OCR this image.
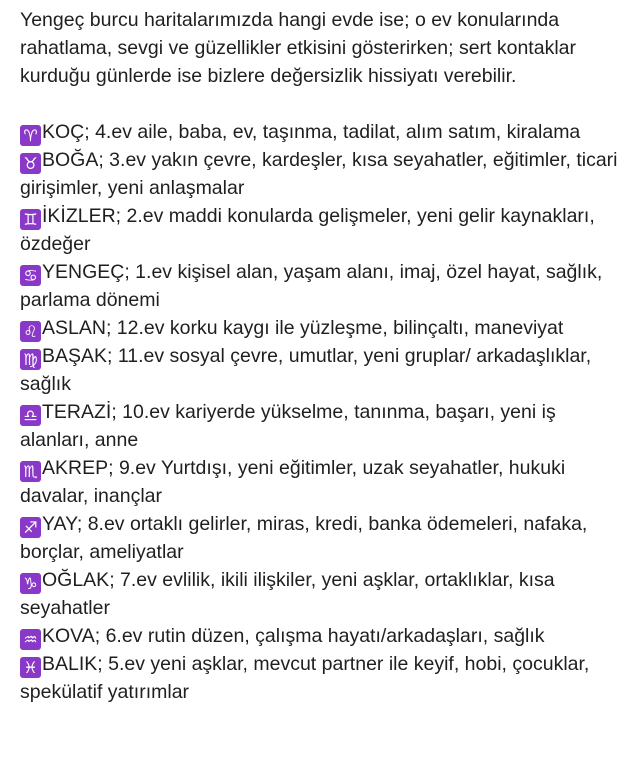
Yengeç burcu haritalarımızda hangi evde ise; o ev konularında rahatlama, sevgi ve güzellikler etkisini gösterirken; sert kontaklar kurduğu günlerde ise bizlere değersizlik hissiyatı verebilir.

♈ KOÇ; 4.ev aile, baba, ev, taşınma, tadilat, alım satım, kiralama

♉ BOĞA; 3.ev yakın çevre, kardeşler, kısa seyahatler, eğitimler, ticari girişimler, yeni anlaşmalar

♊ İKİZLER; 2.ev maddi konularda gelişmeler, yeni gelir kaynakları, özdeğer

♋ YENGEÇ; 1.ev kişisel alan, yaşam alanı, imaj, özel hayat, sağlık, parlama dönemi

♌ ASLAN; 12.ev korku kaygı ile yüzleşme, bilinçaltı, maneviyat

♍ BAŞAK; 11.ev sosyal çevre, umutlar, yeni gruplar/ arkadaşlıklar, sağlık

♎ TERAZİ; 10.ev kariyerde yükselme, tanınma, başarı, yeni iş alanları, anne

♏ AKREP; 9.ev Yurtdışı, yeni eğitimler, uzak seyahatler, hukuki davalar, inançlar

♐ YAY; 8.ev ortaklı gelirler, miras, kredi, banka ödemeleri, nafaka, borçlar, ameliyatlar

♑ OĞLAK; 7.ev evlilik, ikili ilişkiler, yeni aşklar, ortaklıklar, kısa seyahatler

♒ KOVA; 6.ev rutin düzen, çalışma hayatı/arkadaşları, sağlık

♓ BALIK; 5.ev yeni aşklar, mevcut partner ile keyif, hobi, çocuklar, spekülatif yatırımlar
